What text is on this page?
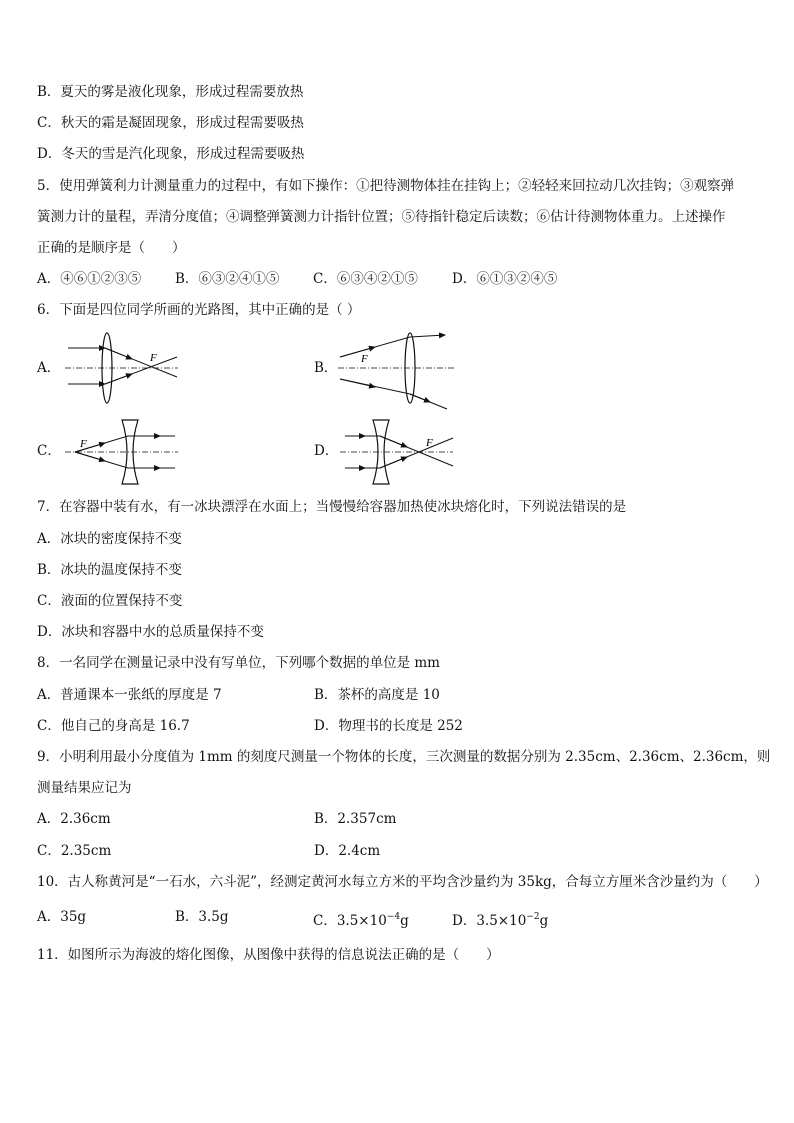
B．夏天的雾是液化现象，形成过程需要放热
C．秋天的霜是凝固现象，形成过程需要吸热
D．冬天的雪是汽化现象，形成过程需要吸热
5．使用弹簧利力计测量重力的过程中，有如下操作：①把待测物体挂在挂钩上；②轻轻来回拉动几次挂钩；③观察弹
簧测力计的量程，弄清分度值；④调整弹簧测力计指针位置；⑤待指针稳定后读数；⑥估计待测物体重力。上述操作
正确的是顺序是（　　）
A．④⑥①②③⑤	B．⑥③②④①⑤ C．⑥③④②①⑤	D．⑥①③②④⑤
6．下面是四位同学所画的光路图，其中正确的是（ ）
A．
F
B．
F
C． F	D．	F
7．在容器中装有水，有一冰块漂浮在水面上；当慢慢给容器加热使冰块熔化时，下列说法错误的是
A．冰块的密度保持不变
B．冰块的温度保持不变
C．液面的位置保持不变
D．冰块和容器中水的总质量保持不变
8．一名同学在测量记录中没有写单位，下列哪个数据的单位是 mm
A．普通课本一张纸的厚度是 7	B．茶杯的高度是 10
C．他自己的身高是 16.7	D．物理书的长度是 252
9．小明利用最小分度值为 1mm 的刻度尺测量一个物体的长度，三次测量的数据分别为 2.35cm、2.36cm、2.36cm，则
测量结果应记为
A．2.36cm	B．2.357cm
C．2.35cm	D．2.4cm
10．古人称黄河是“一石水，六斗泥”，经测定黄河水每立方米的平均含沙量约为 35kg，合每立方厘米含沙量约为（　　）
A．35g	B．3.5g	C．$3.5\times 10^{-4}g$	D．$3.5\times 10^{-2}g$
11．如图所示为海波的熔化图像，从图像中获得的信息说法正确的是（　　）
